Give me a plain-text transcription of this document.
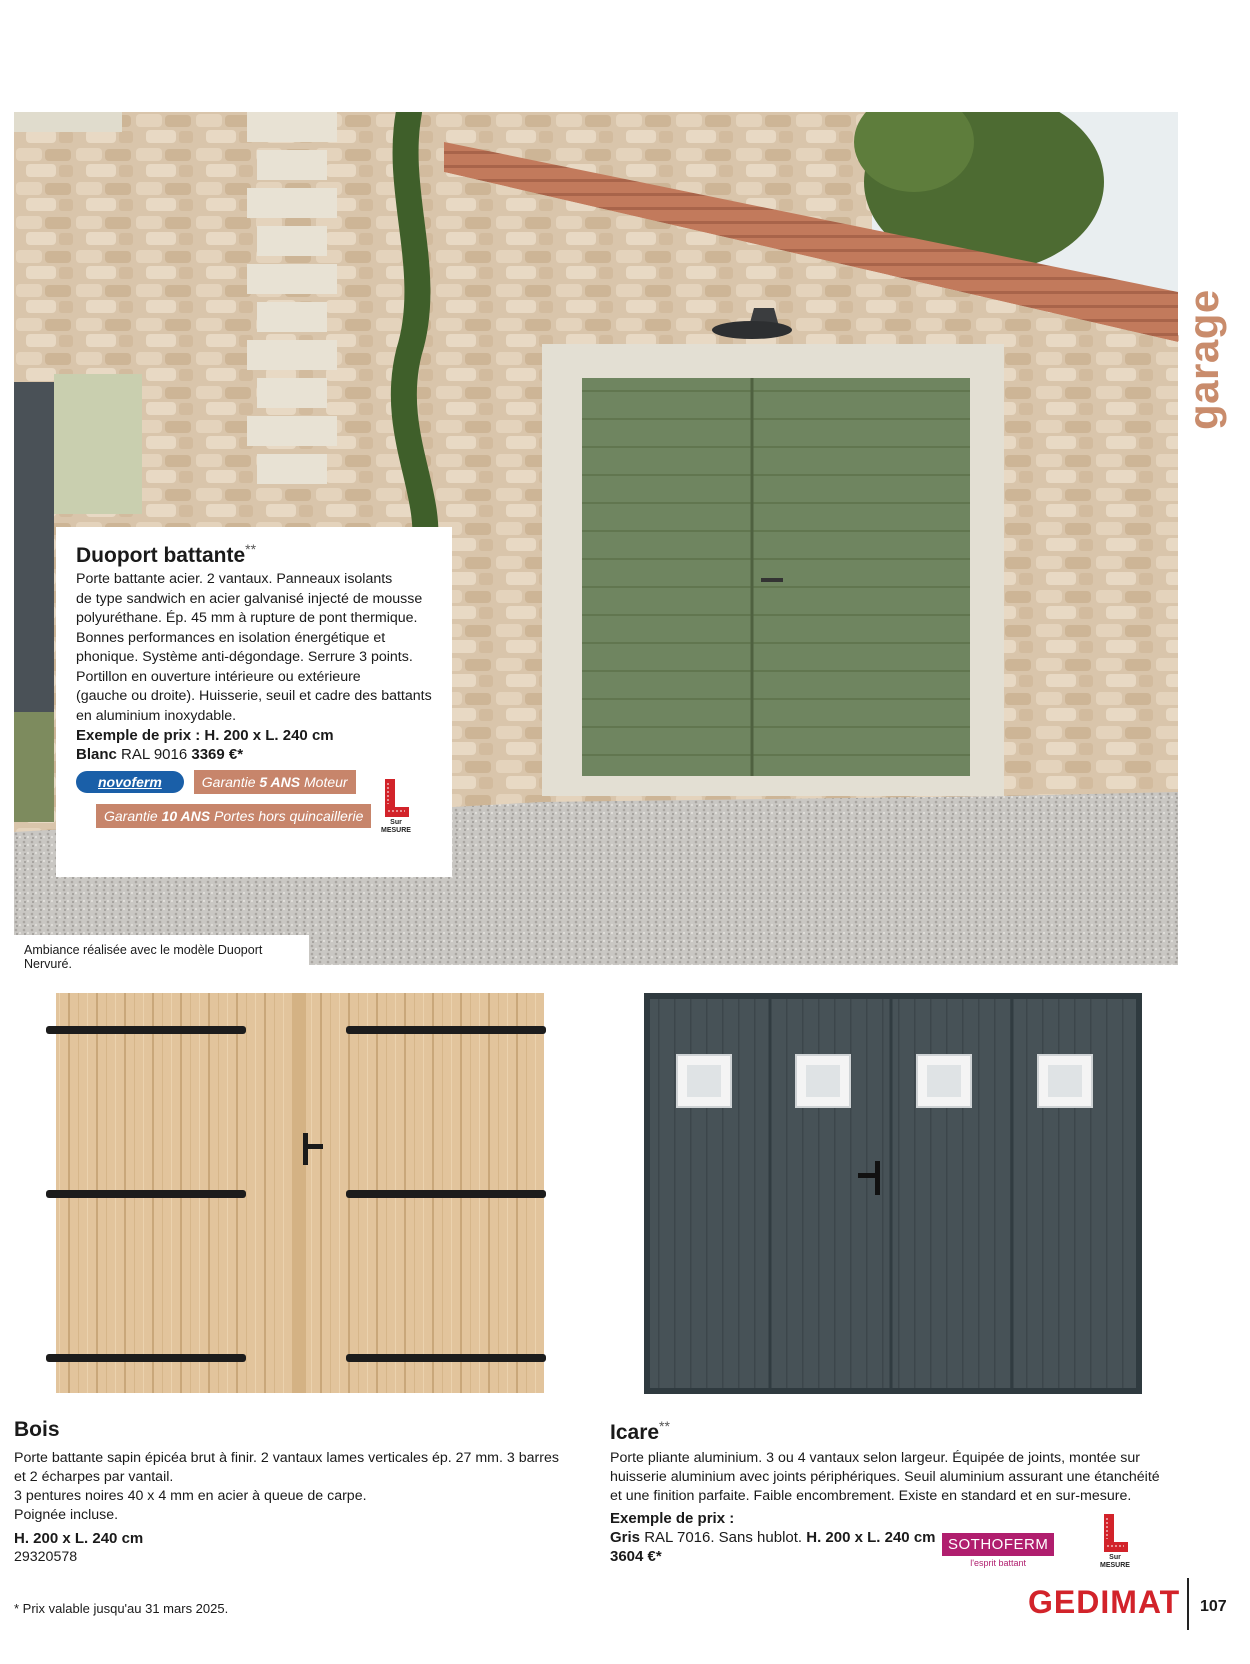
garage
Duoport battante**
Porte battante acier. 2 vantaux. Panneaux isolants
de type sandwich en acier galvanisé injecté de mousse
polyuréthane. Ép. 45 mm à rupture de pont thermique.
Bonnes performances en isolation énergétique et
phonique. Système anti-dégondage. Serrure 3 points.
Portillon en ouverture intérieure ou extérieure
(gauche ou droite). Huisserie, seuil et cadre des battants
en aluminium inoxydable.
Exemple de prix : H. 200 x L. 240 cm
Blanc RAL 9016 3369 €*
novoferm	Garantie 5 ANS Moteur
Garantie 10 ANS Portes hors quincaillerie	Sur
MESURE
Ambiance réalisée avec le modèle Duoport Nervuré.
Bois
Porte battante sapin épicéa brut à finir. 2 vantaux lames verticales ép. 27 mm. 3 barres
et 2 écharpes par vantail.
3 pentures noires 40 x 4 mm en acier à queue de carpe.
Poignée incluse.
H. 200 x L. 240 cm
29320578
Icare**
Porte pliante aluminium. 3 ou 4 vantaux selon largeur. Équipée de joints, montée sur
huisserie aluminium avec joints périphériques. Seuil aluminium assurant une étanchéité
et une finition parfaite. Faible encombrement. Existe en standard et en sur-mesure.
Exemple de prix :
Gris RAL 7016. Sans hublot. H. 200 x L. 240 cm
3604 €*
SOTHOFERM
l'esprit battant
Sur
MESURE
* Prix valable jusqu'au 31 mars 2025.	GEDIMAT 107
